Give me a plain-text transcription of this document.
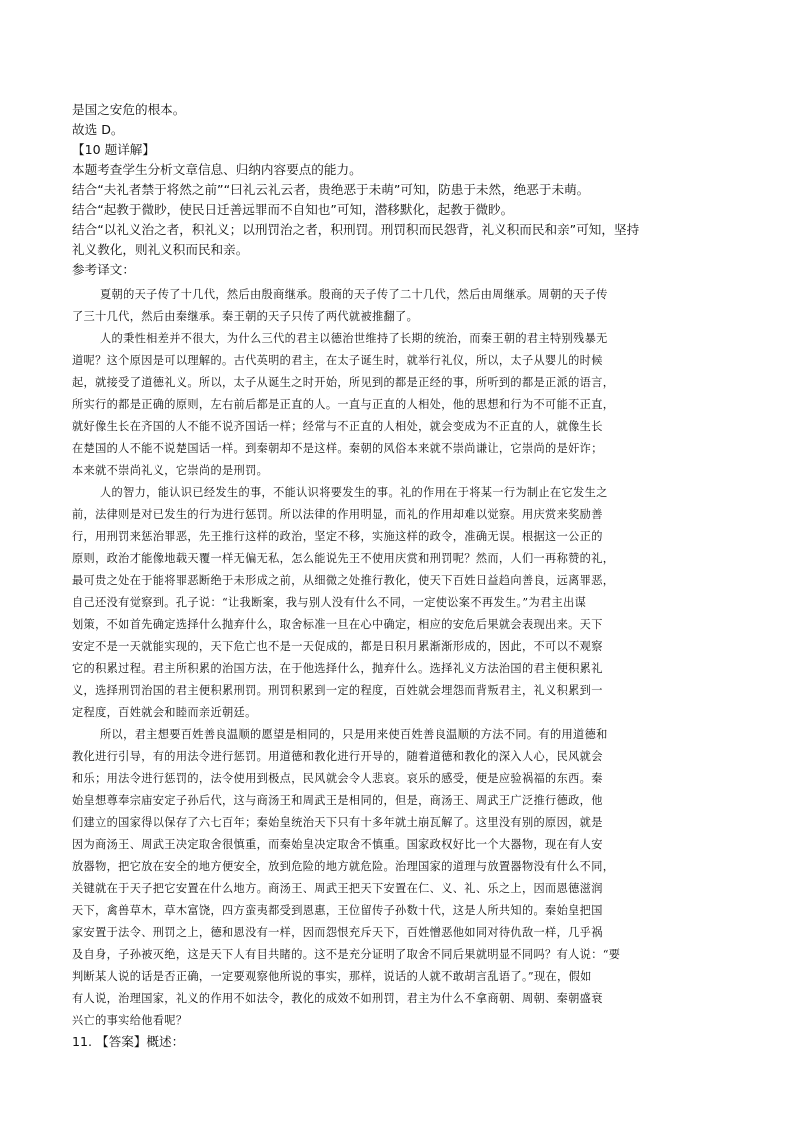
是国之安危的根本。
故选 D。
【10 题详解】
本题考查学生分析文章信息、归纳内容要点的能力。
结合“夫礼者禁于将然之前”“曰礼云礼云者，贵绝恶于未萌”可知，防患于未然，绝恶于未萌。
结合“起教于微眇，使民日迁善远罪而不自知也”可知，潜移默化，起教于微眇。
结合“以礼义治之者，积礼义；以刑罚治之者，积刑罚。刑罚积而民怨背，礼义积而民和亲”可知，坚持
礼义教化，则礼义积而民和亲。
参考译文：
夏朝的天子传了十几代，然后由殷商继承。殷商的天子传了二十几代，然后由周继承。周朝的天子传
了三十几代，然后由秦继承。秦王朝的天子只传了两代就被推翻了。
人的秉性相差并不很大，为什么三代的君主以德治世维持了长期的统治，而秦王朝的君主特别残暴无
道呢？这个原因是可以理解的。古代英明的君主，在太子诞生时，就举行礼仪，所以，太子从婴儿的时候
起，就接受了道德礼义。所以，太子从诞生之时开始，所见到的都是正经的事，所听到的都是正派的语言，
所实行的都是正确的原则，左右前后都是正直的人。一直与正直的人相处，他的思想和行为不可能不正直，
就好像生长在齐国的人不能不说齐国话一样；经常与不正直的人相处，就会变成为不正直的人，就像生长
在楚国的人不能不说楚国话一样。到秦朝却不是这样。秦朝的风俗本来就不崇尚谦让，它崇尚的是奸诈；
本来就不崇尚礼义，它崇尚的是刑罚。
人的智力，能认识已经发生的事，不能认识将要发生的事。礼的作用在于将某一行为制止在它发生之
前，法律则是对已发生的行为进行惩罚。所以法律的作用明显，而礼的作用却难以觉察。用庆赏来奖励善
行，用刑罚来惩治罪恶，先王推行这样的政治，坚定不移，实施这样的政令，准确无误。根据这一公正的
原则，政治才能像地载天覆一样无偏无私，怎么能说先王不使用庆赏和刑罚呢？然而，人们一再称赞的礼，
最可贵之处在于能将罪恶断绝于未形成之前，从细微之处推行教化，使天下百姓日益趋向善良，远离罪恶，
自己还没有觉察到。孔子说：“让我断案，我与别人没有什么不同，一定使讼案不再发生。”为君主出谋
划策，不如首先确定选择什么抛弃什么，取舍标准一旦在心中确定，相应的安危后果就会表现出来。天下
安定不是一天就能实现的，天下危亡也不是一天促成的，都是日积月累渐渐形成的，因此，不可以不观察
它的积累过程。君主所积累的治国方法，在于他选择什么，抛弃什么。选择礼义方法治国的君主便积累礼
义，选择刑罚治国的君主便积累刑罚。刑罚积累到一定的程度，百姓就会埋怨而背叛君主，礼义积累到一
定程度，百姓就会和睦而亲近朝廷。
所以，君主想要百姓善良温顺的愿望是相同的，只是用来使百姓善良温顺的方法不同。有的用道德和
教化进行引导，有的用法令进行惩罚。用道德和教化进行开导的，随着道德和教化的深入人心，民风就会
和乐；用法令进行惩罚的，法令使用到极点，民风就会令人悲哀。哀乐的感受，便是应验祸福的东西。秦
始皇想尊奉宗庙安定子孙后代，这与商汤王和周武王是相同的，但是，商汤王、周武王广泛推行德政，他
们建立的国家得以保存了六七百年；秦始皇统治天下只有十多年就土崩瓦解了。这里没有别的原因，就是
因为商汤王、周武王决定取舍很慎重，而秦始皇决定取舍不慎重。国家政权好比一个大器物，现在有人安
放器物，把它放在安全的地方便安全，放到危险的地方就危险。治理国家的道理与放置器物没有什么不同，
关键就在于天子把它安置在什么地方。商汤王、周武王把天下安置在仁、义、礼、乐之上，因而恩德滋润
天下，禽兽草木，草木富饶，四方蛮夷都受到恩惠，王位留传子孙数十代，这是人所共知的。秦始皇把国
家安置于法令、刑罚之上，德和恩没有一样，因而怨恨充斥天下，百姓憎恶他如同对待仇敌一样，几乎祸
及自身，子孙被灭绝，这是天下人有目共睹的。这不是充分证明了取舍不同后果就明显不同吗？有人说：“要
判断某人说的话是否正确，一定要观察他所说的事实，那样，说话的人就不敢胡言乱语了。”现在，假如
有人说，治理国家，礼义的作用不如法令，教化的成效不如刑罚，君主为什么不拿商朝、周朝、秦朝盛衰
兴亡的事实给他看呢？
11. 【答案】概述：
